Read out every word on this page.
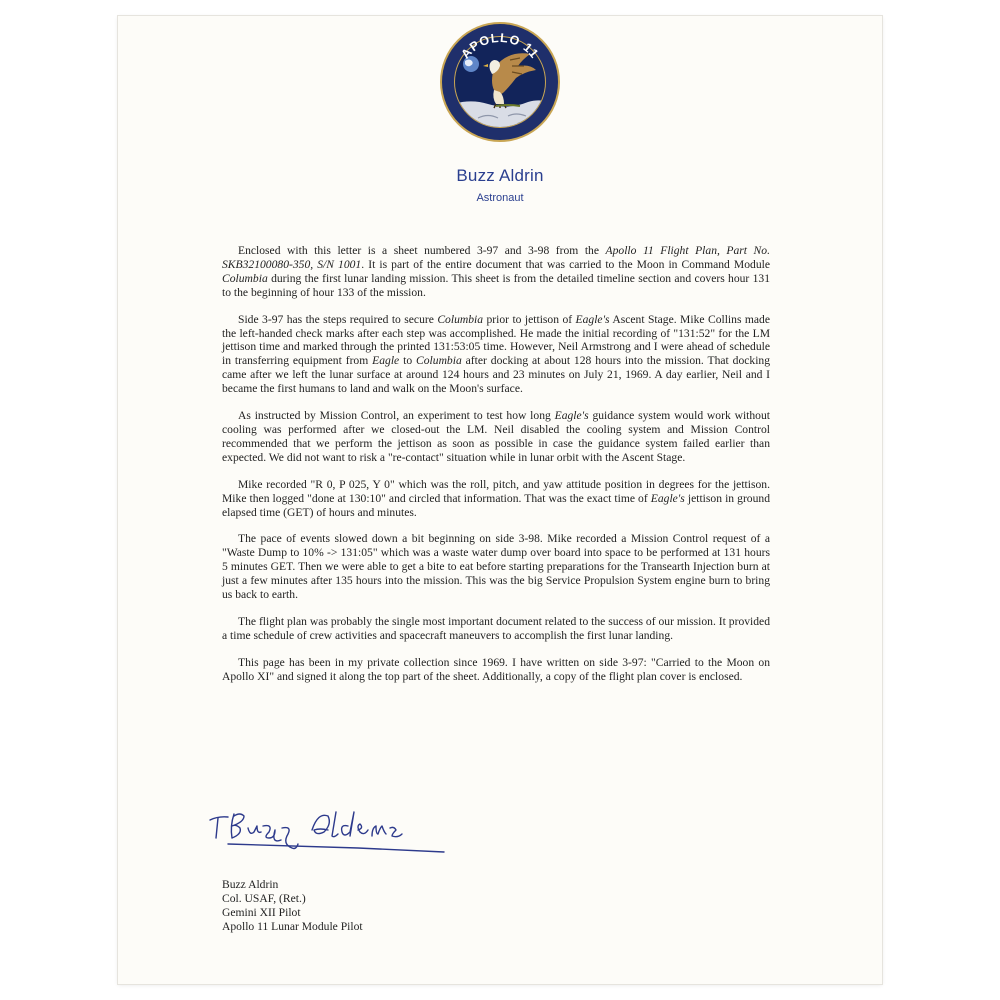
APOLLO 11
Buzz Aldrin
Astronaut

Enclosed with this letter is a sheet numbered 3-97 and 3-98 from the Apollo 11 Flight Plan, Part No. SKB32100080-350, S/N 1001. It is part of the entire document that was carried to the Moon in Command Module Columbia during the first lunar landing mission. This sheet is from the detailed timeline section and covers hour 131 to the beginning of hour 133 of the mission.

Side 3-97 has the steps required to secure Columbia prior to jettison of Eagle's Ascent Stage. Mike Collins made the left-handed check marks after each step was accomplished. He made the initial recording of "131:52" for the LM jettison time and marked through the printed 131:53:05 time. However, Neil Armstrong and I were ahead of schedule in transferring equipment from Eagle to Columbia after docking at about 128 hours into the mission. That docking came after we left the lunar surface at around 124 hours and 23 minutes on July 21, 1969. A day earlier, Neil and I became the first humans to land and walk on the Moon's surface.

As instructed by Mission Control, an experiment to test how long Eagle's guidance system would work without cooling was performed after we closed-out the LM. Neil disabled the cooling system and Mission Control recommended that we perform the jettison as soon as possible in case the guidance system failed earlier than expected. We did not want to risk a "re-contact" situation while in lunar orbit with the Ascent Stage.

Mike recorded "R 0, P 025, Y 0" which was the roll, pitch, and yaw attitude position in degrees for the jettison. Mike then logged "done at 130:10" and circled that information. That was the exact time of Eagle's jettison in ground elapsed time (GET) of hours and minutes.

The pace of events slowed down a bit beginning on side 3-98. Mike recorded a Mission Control request of a "Waste Dump to 10% -> 131:05" which was a waste water dump over board into space to be performed at 131 hours 5 minutes GET. Then we were able to get a bite to eat before starting preparations for the Transearth Injection burn at just a few minutes after 135 hours into the mission. This was the big Service Propulsion System engine burn to bring us back to earth.

The flight plan was probably the single most important document related to the success of our mission. It provided a time schedule of crew activities and spacecraft maneuvers to accomplish the first lunar landing.

This page has been in my private collection since 1969. I have written on side 3-97: "Carried to the Moon on Apollo XI" and signed it along the top part of the sheet. Additionally, a copy of the flight plan cover is enclosed.

Buzz Aldrin
Col. USAF, (Ret.)
Gemini XII Pilot
Apollo 11 Lunar Module Pilot
